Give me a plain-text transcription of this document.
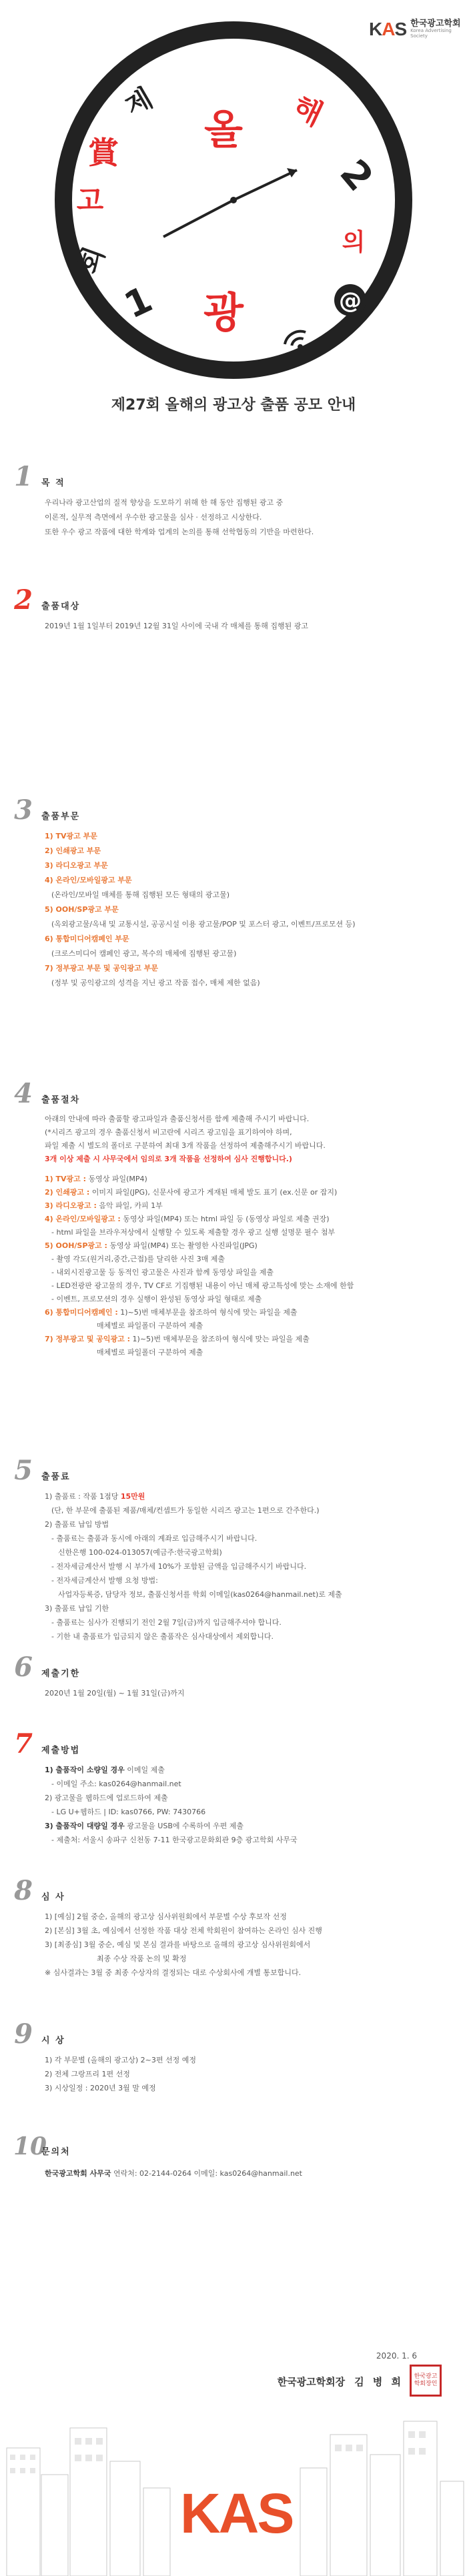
KAS 한국광고학회
Korea Advertising Society
올 해
2
의
@
광
1
회
고
賞
제
제27회 올해의 광고상 출품 공모 안내
1 목 적
우리나라 광고산업의 질적 향상을 도모하기 위해 한 해 동안 집행된 광고 중
이론적, 실무적 측면에서 우수한 광고물을 심사 · 선정하고 시상한다.
또한 우수 광고 작품에 대한 학계와 업계의 논의를 통해 선학협동의 기반을 마련한다.
2 출품대상
2019년 1월 1일부터 2019년 12월 31일 사이에 국내 각 매체를 통해 집행된 광고
3 출품부문
1) TV광고 부문
2) 인쇄광고 부문
3) 라디오광고 부문
4) 온라인/모바일광고 부문
(온라인/모바일 매체를 통해 집행된 모든 형태의 광고물)
5) OOH/SP광고 부문
(옥외광고물/옥내 및 교통시설, 공공시설 이용 광고물/POP 및 포스터 광고, 이벤트/프로모션 등)
6) 통합미디어캠페인 부문
(크로스미디어 캠페인 광고, 복수의 매체에 집행된 광고물)
7) 정부광고 부문 및 공익광고 부문
(정부 및 공익광고의 성격을 지닌 광고 작품 접수, 매체 제한 없음)
4 출품절차
아래의 안내에 따라 출품할 광고파일과 출품신청서를 함께 제출해 주시기 바랍니다.
(*시리즈 광고의 경우 출품신청서 비고란에 시리즈 광고임을 표기하여야 하며,
파일 제출 시 별도의 폴더로 구분하여 최대 3개 작품을 선정하여 제출해주시기 바랍니다.
3개 이상 제출 시 사무국에서 임의로 3개 작품을 선정하여 심사 진행합니다.)
1) TV광고 : 동영상 파일(MP4)
2) 인쇄광고 : 이미지 파일(JPG), 신문사에 광고가 게재된 매체 발도 표기 (ex.신문 or 잡지)
3) 라디오광고 : 음악 파일, 카피 1부
4) 온라인/모바일광고 : 동영상 파일(MP4) 또는 html 파일 등 (동영상 파일로 제출 권장)
- html 파일을 브라우저상에서 실행할 수 있도록 제출할 경우 광고 실행 설명문 필수 첨부
5) OOH/SP광고 : 동영상 파일(MP4) 또는 촬영한 사진파일(JPG)
- 촬영 각도(원거리,중간,근접)를 달리한 사진 3매 제출
- 내외시진광고물 등 동적인 광고물은 사진과 함께 동영상 파일을 제출
- LED전광판 광고물의 경우, TV CF로 기집행된 내용이 아닌 매체 광고특성에 맞는 소재에 한함
- 이벤트, 프로모션의 경우 실행이 완성된 동영상 파일 형태로 제출
6) 통합미디어캠페인 : 1)~5)번 매체부문을 참조하여 형식에 맞는 파일을 제출
매체별로 파일폴더 구분하여 제출
7) 정부광고 및 공익광고 : 1)~5)번 매체부문을 참조하여 형식에 맞는 파일을 제출
매체별로 파일폴더 구분하여 제출
5 출품료
1) 출품료 : 작품 1점당 15만원
(단, 한 부문에 출품된 제품/매체/컨셉트가 동일한 시리즈 광고는 1편으로 간주한다.)
2) 출품료 납입 방법
- 출품료는 출품과 동시에 아래의 계좌로 입금해주시기 바랍니다.
신한은행 100-024-013057(예금주:한국광고학회)
- 전자세금계산서 발행 시 부가세 10%가 포함된 금액을 입금해주시기 바랍니다.
- 전자세금계산서 발행 요청 방법:
사업자등록증, 담당자 정보, 출품신청서를 학회 이메일(kas0264@hanmail.net)로 제출
3) 출품료 납입 기한
- 출품료는 심사가 진행되기 전인 2월 7일(금)까지 입금해주셔야 합니다.
- 기한 내 출품료가 입금되지 않은 출품작은 심사대상에서 제외합니다.
6 제출기한
2020년 1월 20일(월) ~ 1월 31일(금)까지
7 제출방법
1) 출품작이 소량일 경우 이메일 제출
- 이메일 주소: kas0264@hanmail.net
2) 광고물을 웹하드에 업로드하여 제출
- LG U+웹하드 | ID: kas0766, PW: 7430766
3) 출품작이 대량일 경우 광고물을 USB에 수록하여 우편 제출
- 제출처: 서울시 송파구 신천동 7-11 한국광고문화회관 9층 광고학회 사무국
8 심 사
1) [예심] 2월 중순, 올해의 광고상 심사위원회에서 부문별 수상 후보작 선정
2) [본심] 3월 초, 예심에서 선정한 작품 대상 전체 학회원이 참여하는 온라인 심사 진행
3) [최종심] 3월 중순, 예심 및 본심 결과를 바탕으로 올해의 광고상 심사위원회에서
최종 수상 작품 논의 및 확정
※ 심사결과는 3월 중 최종 수상자의 결정되는 대로 수상회사에 개별 통보합니다.
9 시 상
1) 각 부문별 (올해의 광고상) 2~3편 선정 예정
2) 전체 그랑프리 1편 선정
3) 시상일정 : 2020년 3월 말 예정
10
문의처
한국광고학회 사무국 연락처: 02-2144-0264 이메일: kas0264@hanmail.net
2020. 1. 6
한국광고학회장 김 병 희 한국광고학회장인
KAS
